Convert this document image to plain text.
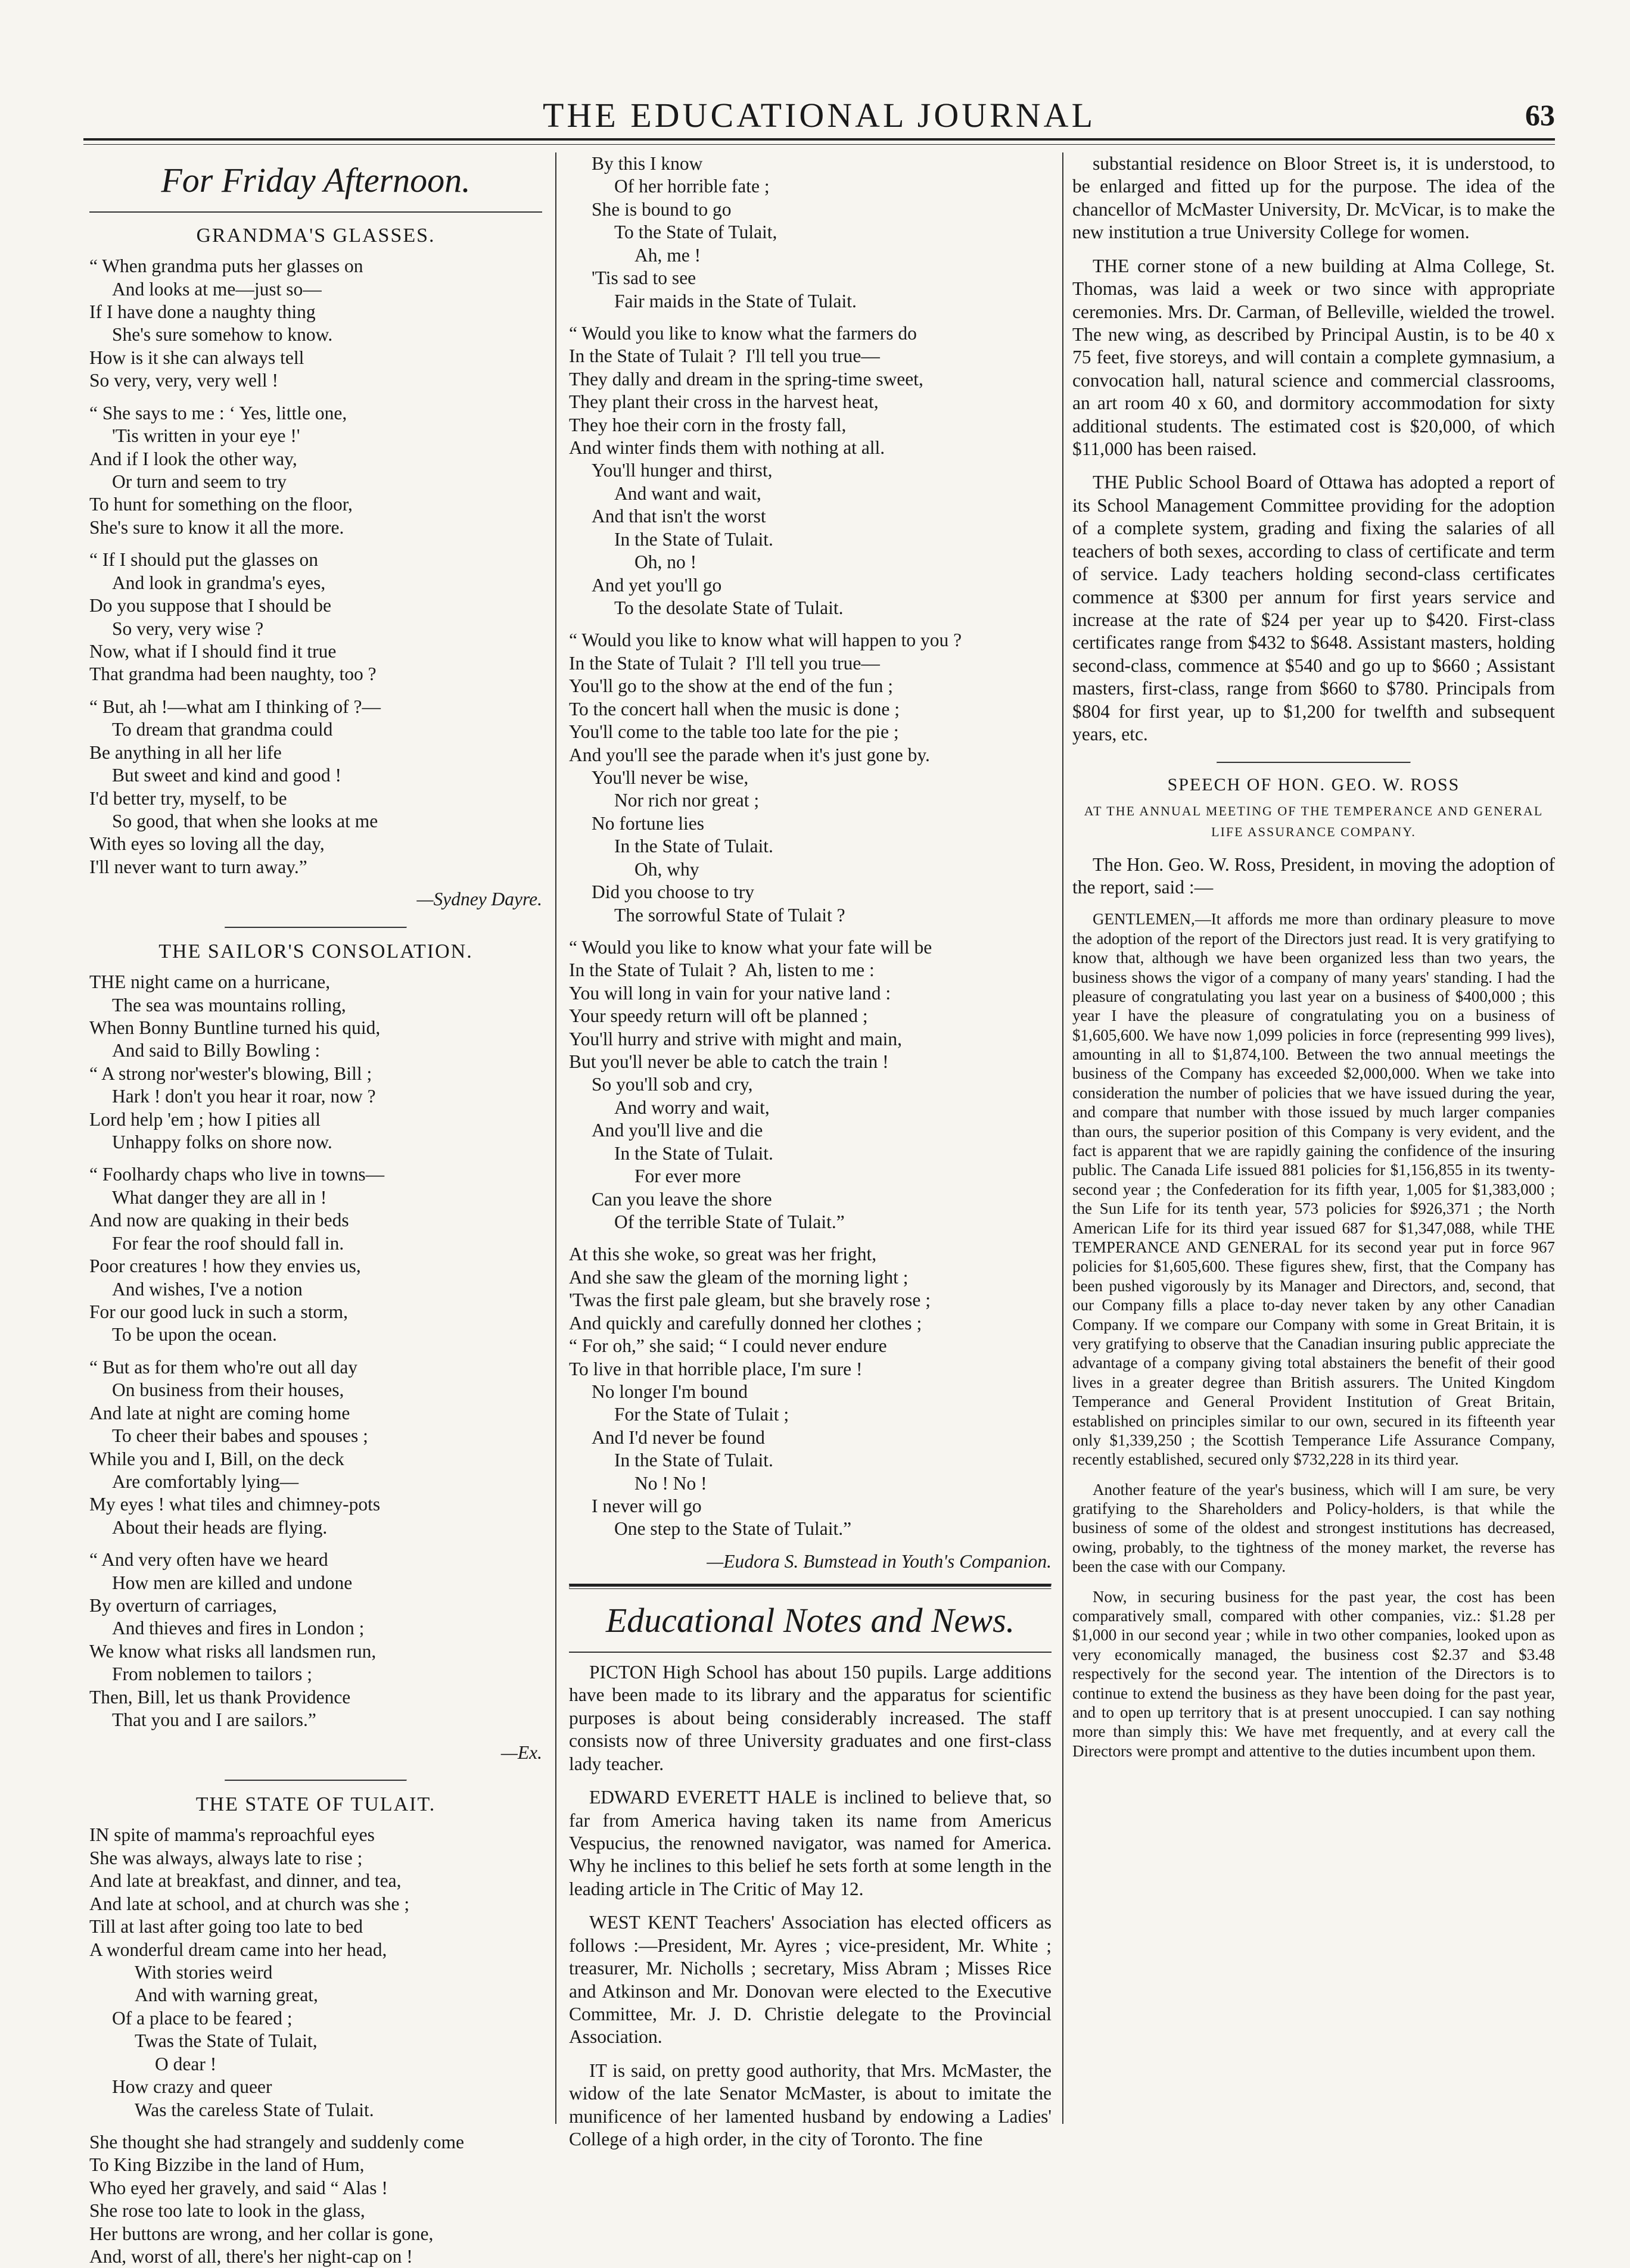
THE EDUCATIONAL JOURNAL	63
For Friday Afternoon.
GRANDMA'S GLASSES.

“ When grandma puts her glasses on

And looks at me—just so—

If I have done a naughty thing

She's sure somehow to know.

How is it she can always tell

So very, very, very well !

“ She says to me : ‘ Yes, little one,

'Tis written in your eye !'

And if I look the other way,

Or turn and seem to try

To hunt for something on the floor,

She's sure to know it all the more.

“ If I should put the glasses on

And look in grandma's eyes,

Do you suppose that I should be

So very, very wise ?

Now, what if I should find it true

That grandma had been naughty, too ?

“ But, ah !—what am I thinking of ?—

To dream that grandma could

Be anything in all her life

But sweet and kind and good !

I'd better try, myself, to be

So good, that when she looks at me

With eyes so loving all the day,

I'll never want to turn away.”

—Sydney Dayre.
THE SAILOR'S CONSOLATION.

THE night came on a hurricane,

The sea was mountains rolling,

When Bonny Buntline turned his quid,

And said to Billy Bowling :

“ A strong nor'wester's blowing, Bill ;

Hark ! don't you hear it roar, now ?

Lord help 'em ; how I pities all

Unhappy folks on shore now.

“ Foolhardy chaps who live in towns—

What danger they are all in !

And now are quaking in their beds

For fear the roof should fall in.

Poor creatures ! how they envies us,

And wishes, I've a notion

For our good luck in such a storm,

To be upon the ocean.

“ But as for them who're out all day

On business from their houses,

And late at night are coming home

To cheer their babes and spouses ;

While you and I, Bill, on the deck

Are comfortably lying—

My eyes ! what tiles and chimney-pots

About their heads are flying.

“ And very often have we heard

How men are killed and undone

By overturn of carriages,

And thieves and fires in London ;

We know what risks all landsmen run,

From noblemen to tailors ;

Then, Bill, let us thank Providence

That you and I are sailors.”

—Ex.
THE STATE OF TULAIT.

IN spite of mamma's reproachful eyes

She was always, always late to rise ;

And late at breakfast, and dinner, and tea,

And late at school, and at church was she ;

Till at last after going too late to bed

A wonderful dream came into her head,

With stories weird

And with warning great,

Of a place to be feared ;

Twas the State of Tulait,

O dear !

How crazy and queer

Was the careless State of Tulait.

She thought she had strangely and suddenly come

To King Bizzibe in the land of Hum,

Who eyed her gravely, and said “ Alas !

She rose too late to look in the glass,

Her buttons are wrong, and her collar is gone,

And, worst of all, there's her night-cap on !

By this I know

Of her horrible fate ;

She is bound to go

To the State of Tulait,

Ah, me !

'Tis sad to see

Fair maids in the State of Tulait.

“ Would you like to know what the farmers do

In the State of Tulait ?  I'll tell you true—

They dally and dream in the spring-time sweet,

They plant their cross in the harvest heat,

They hoe their corn in the frosty fall,

And winter finds them with nothing at all.

You'll hunger and thirst,

And want and wait,

And that isn't the worst

In the State of Tulait.

Oh, no !

And yet you'll go

To the desolate State of Tulait.

“ Would you like to know what will happen to you ?

In the State of Tulait ?  I'll tell you true—

You'll go to the show at the end of the fun ;

To the concert hall when the music is done ;

You'll come to the table too late for the pie ;

And you'll see the parade when it's just gone by.

You'll never be wise,

Nor rich nor great ;

No fortune lies

In the State of Tulait.

Oh, why

Did you choose to try

The sorrowful State of Tulait ?

“ Would you like to know what your fate will be

In the State of Tulait ?  Ah, listen to me :

You will long in vain for your native land :

Your speedy return will oft be planned ;

You'll hurry and strive with might and main,

But you'll never be able to catch the train !

So you'll sob and cry,

And worry and wait,

And you'll live and die

In the State of Tulait.

For ever more

Can you leave the shore

Of the terrible State of Tulait.”

At this she woke, so great was her fright,

And she saw the gleam of the morning light ;

'Twas the first pale gleam, but she bravely rose ;

And quickly and carefully donned her clothes ;

“ For oh,” she said; “ I could never endure

To live in that horrible place, I'm sure !

No longer I'm bound

For the State of Tulait ;

And I'd never be found

In the State of Tulait.

No ! No !

I never will go

One step to the State of Tulait.”

—Eudora S. Bumstead in Youth's Companion.
Educational Notes and News.

PICTON High School has about 150 pupils. Large additions have been made to its library and the apparatus for scientific purposes is about being considerably increased. The staff consists now of three University graduates and one first-class lady teacher.

EDWARD EVERETT HALE is inclined to believe that, so far from America having taken its name from Americus Vespucius, the renowned navigator, was named for America. Why he inclines to this belief he sets forth at some length in the leading article in The Critic of May 12.

WEST KENT Teachers' Association has elected officers as follows :—President, Mr. Ayres ; vice-president, Mr. White ; treasurer, Mr. Nicholls ; secretary, Miss Abram ; Misses Rice and Atkinson and Mr. Donovan were elected to the Executive Committee, Mr. J. D. Christie delegate to the Provincial Association.

IT is said, on pretty good authority, that Mrs. McMaster, the widow of the late Senator McMaster, is about to imitate the munificence of her lamented husband by endowing a Ladies' College of a high order, in the city of Toronto. The fine

substantial residence on Bloor Street is, it is understood, to be enlarged and fitted up for the purpose. The idea of the chancellor of McMaster University, Dr. McVicar, is to make the new institution a true University College for women.

THE corner stone of a new building at Alma College, St. Thomas, was laid a week or two since with appropriate ceremonies. Mrs. Dr. Carman, of Belleville, wielded the trowel. The new wing, as described by Principal Austin, is to be 40 x 75 feet, five storeys, and will contain a complete gymnasium, a convocation hall, natural science and commercial classrooms, an art room 40 x 60, and dormitory accommodation for sixty additional students. The estimated cost is $20,000, of which $11,000 has been raised.

THE Public School Board of Ottawa has adopted a report of its School Management Committee providing for the adoption of a complete system, grading and fixing the salaries of all teachers of both sexes, according to class of certificate and term of service. Lady teachers holding second-class certificates commence at $300 per annum for first years service and increase at the rate of $24 per year up to $420. First-class certificates range from $432 to $648. Assistant masters, holding second-class, commence at $540 and go up to $660 ; Assistant masters, first-class, range from $660 to $780. Principals from $804 for first year, up to $1,200 for twelfth and subsequent years, etc.

SPEECH OF HON. GEO. W. ROSS
AT THE ANNUAL MEETING OF THE TEMPERANCE AND GENERAL LIFE ASSURANCE COMPANY.

The Hon. Geo. W. Ross, President, in moving the adoption of the report, said :—

GENTLEMEN,—It affords me more than ordinary pleasure to move the adoption of the report of the Directors just read. It is very gratifying to know that, although we have been organized less than two years, the business shows the vigor of a company of many years' standing. I had the pleasure of congratulating you last year on a business of $400,000 ; this year I have the pleasure of congratulating you on a business of $1,605,600. We have now 1,099 policies in force (representing 999 lives), amounting in all to $1,874,100. Between the two annual meetings the business of the Company has exceeded $2,000,000. When we take into consideration the number of policies that we have issued during the year, and compare that number with those issued by much larger companies than ours, the superior position of this Company is very evident, and the fact is apparent that we are rapidly gaining the confidence of the insuring public. The Canada Life issued 881 policies for $1,156,855 in its twenty-second year ; the Confederation for its fifth year, 1,005 for $1,383,000 ; the Sun Life for its tenth year, 573 policies for $926,371 ; the North American Life for its third year issued 687 for $1,347,088, while THE TEMPERANCE AND GENERAL for its second year put in force 967 policies for $1,605,600. These figures shew, first, that the Company has been pushed vigorously by its Manager and Directors, and, second, that our Company fills a place to-day never taken by any other Canadian Company. If we compare our Company with some in Great Britain, it is very gratifying to observe that the Canadian insuring public appreciate the advantage of a company giving total abstainers the benefit of their good lives in a greater degree than British assurers. The United Kingdom Temperance and General Provident Institution of Great Britain, established on principles similar to our own, secured in its fifteenth year only $1,339,250 ; the Scottish Temperance Life Assurance Company, recently established, secured only $732,228 in its third year.

Another feature of the year's business, which will I am sure, be very gratifying to the Shareholders and Policy-holders, is that while the business of some of the oldest and strongest institutions has decreased, owing, probably, to the tightness of the money market, the reverse has been the case with our Company.

Now, in securing business for the past year, the cost has been comparatively small, compared with other companies, viz.: $1.28 per $1,000 in our second year ; while in two other companies, looked upon as very economically managed, the business cost $2.37 and $3.48 respectively for the second year. The intention of the Directors is to continue to extend the business as they have been doing for the past year, and to open up territory that is at present unoccupied. I can say nothing more than simply this: We have met frequently, and at every call the Directors were prompt and attentive to the duties incumbent upon them.
